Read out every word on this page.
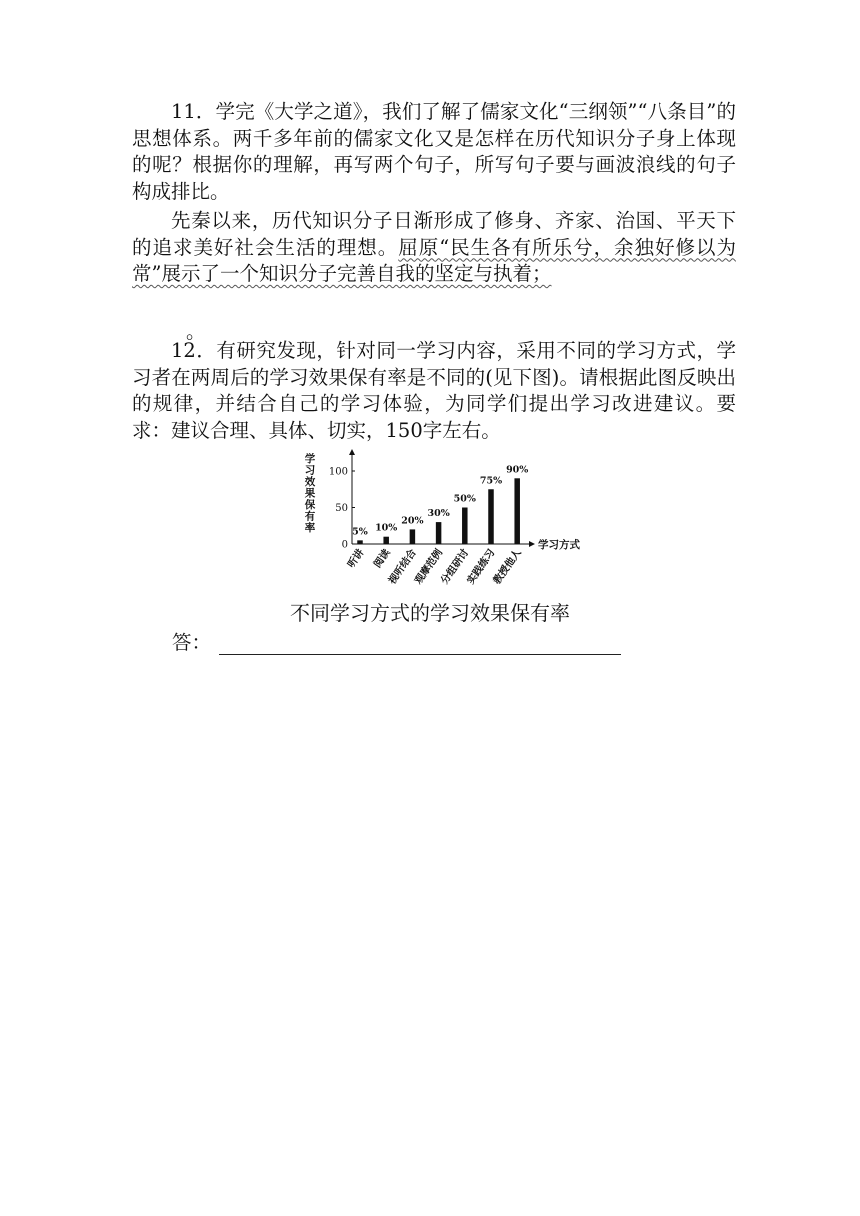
11．学完《大学之道》，我们了解了儒家文化“三纲领”“八条目”的思想体系。两千多年前的儒家文化又是怎样在历代知识分子身上体现的呢？根据你的理解，再写两个句子，所写句子要与画波浪线的句子构成排比。

先秦以来，历代知识分子日渐形成了修身、齐家、治国、平天下的追求美好社会生活的理想。屈原“民生各有所乐兮，余独好修以为常”展示了一个知识分子完善自我的坚定与执着；

。

12．有研究发现，针对同一学习内容，采用不同的学习方式，学习者在两周后的学习效果保有率是不同的(见下图)。请根据此图反映出的规律，并结合自己的学习体验，为同学们提出学习改进建议。要求：建议合理、具体、切实，150字左右。

学
习
效
果
保
有
率
0
50
100
学习方式
5% 10%
20%
30%
50%
75%
90%
听讲 阅读
视听结合
观摩范例
分组研讨
实践练习
教授他人
不同学习方式的学习效果保有率
答：
